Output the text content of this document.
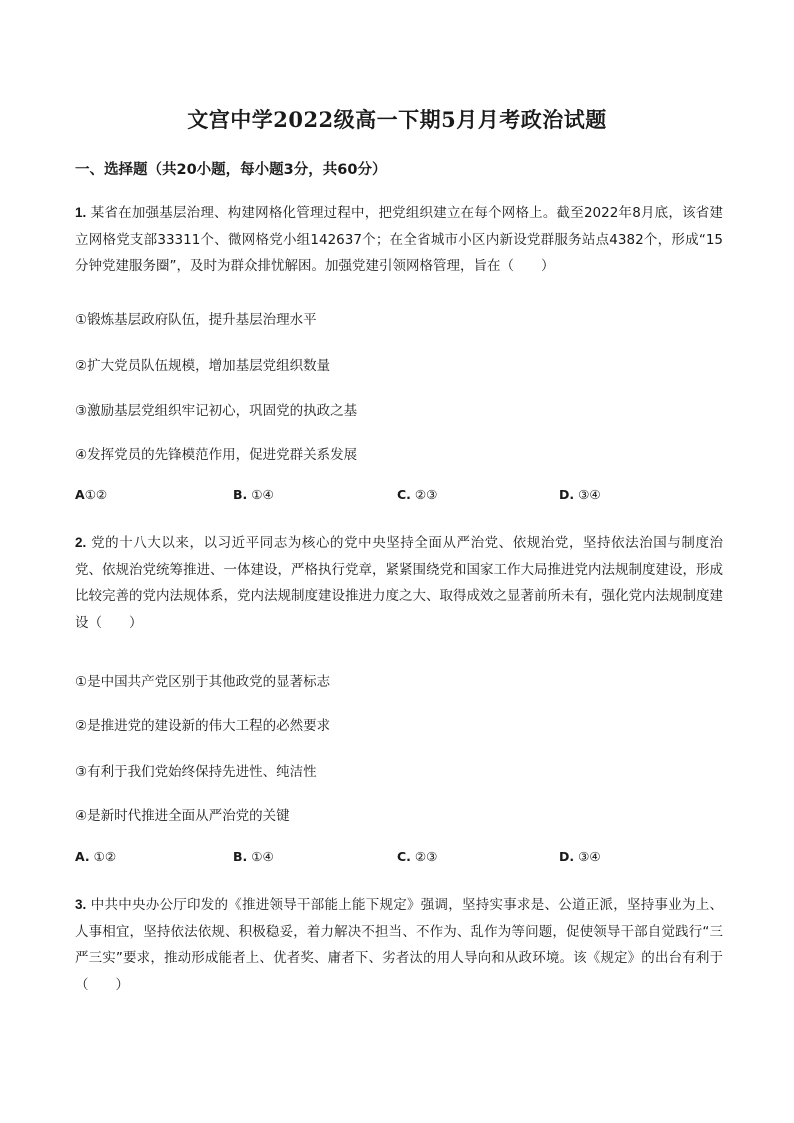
文宫中学2022级高一下期5月月考政治试题
一、选择题（共20小题，每小题3分，共60分）
1. 某省在加强基层治理、构建网格化管理过程中，把党组织建立在每个网格上。截至2022年8月底，该省建立网格党支部33311个、微网格党小组142637个；在全省城市小区内新设党群服务站点4382个，形成“15分钟党建服务圈”，及时为群众排忧解困。加强党建引领网格管理，旨在（　　）
①锻炼基层政府队伍，提升基层治理水平
②扩大党员队伍规模，增加基层党组织数量
③激励基层党组织牢记初心，巩固党的执政之基
④发挥党员的先锋模范作用，促进党群关系发展
A①②	B. ①④	C. ②③	D. ③④
2. 党的十八大以来，以习近平同志为核心的党中央坚持全面从严治党、依规治党，坚持依法治国与制度治党、依规治党统筹推进、一体建设，严格执行党章，紧紧围绕党和国家工作大局推进党内法规制度建设，形成比较完善的党内法规体系，党内法规制度建设推进力度之大、取得成效之显著前所未有，强化党内法规制度建设（　　）
①是中国共产党区别于其他政党的显著标志
②是推进党的建设新的伟大工程的必然要求
③有利于我们党始终保持先进性、纯洁性
④是新时代推进全面从严治党的关键
A. ①②	B. ①④	C. ②③	D. ③④
3. 中共中央办公厅印发的《推进领导干部能上能下规定》强调，坚持实事求是、公道正派，坚持事业为上、人事相宜，坚持依法依规、积极稳妥，着力解决不担当、不作为、乱作为等问题，促使领导干部自觉践行“三严三实”要求，推动形成能者上、优者奖、庸者下、劣者汰的用人导向和从政环境。该《规定》的出台有利于（　　）
